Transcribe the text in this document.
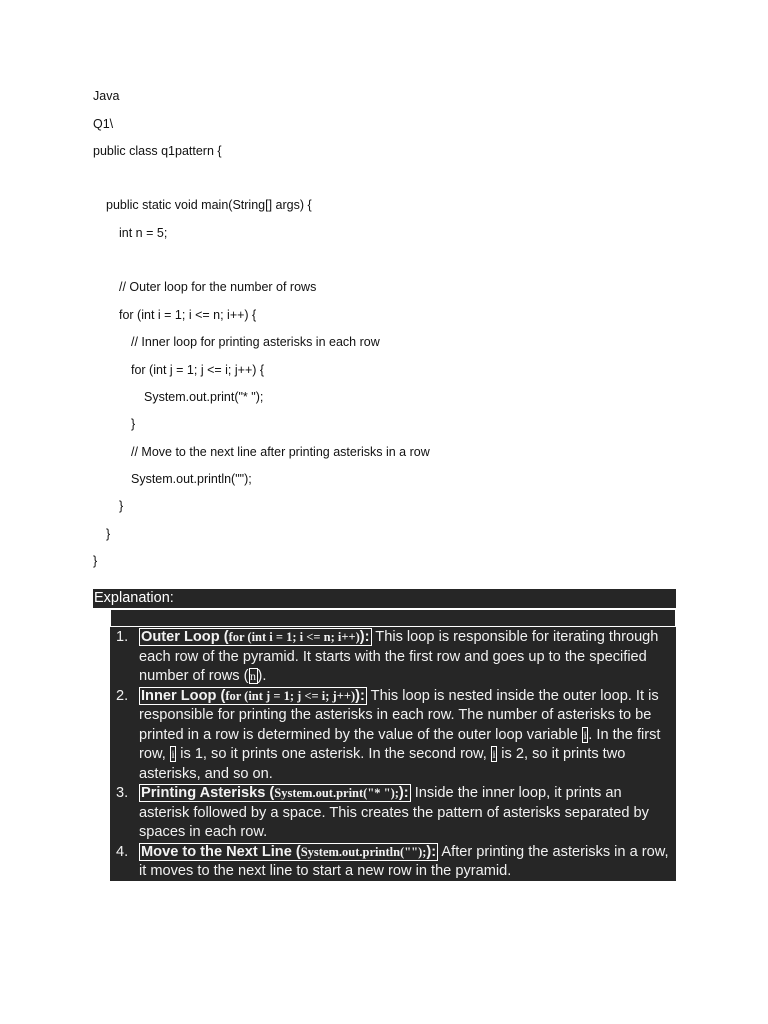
Java
Q1\
public class q1pattern {
public static void main(String[] args) {
int n = 5;
// Outer loop for the number of rows
for (int i = 1; i <= n; i++) {
// Inner loop for printing asterisks in each row
for (int j = 1; j <= i; j++) {
System.out.print("* ");
}
// Move to the next line after printing asterisks in a row
System.out.println("");
}
}
}
Explanation:
1. Outer Loop (for (int i = 1; i <= n; i++)): This loop is responsible for iterating through each row of the pyramid. It starts with the first row and goes up to the specified number of rows ( n ).
2. Inner Loop (for (int j = 1; j <= i; j++)): This loop is nested inside the outer loop. It is responsible for printing the asterisks in each row. The number of asterisks to be printed in a row is determined by the value of the outer loop variable i . In the first row, i is 1, so it prints one asterisk. In the second row, i is 2, so it prints two asterisks, and so on.
3. Printing Asterisks (System.out.print("* ");): Inside the inner loop, it prints an asterisk followed by a space. This creates the pattern of asterisks separated by spaces in each row.
4. Move to the Next Line (System.out.println("");): After printing the asterisks in a row, it moves to the next line to start a new row in the pyramid.
